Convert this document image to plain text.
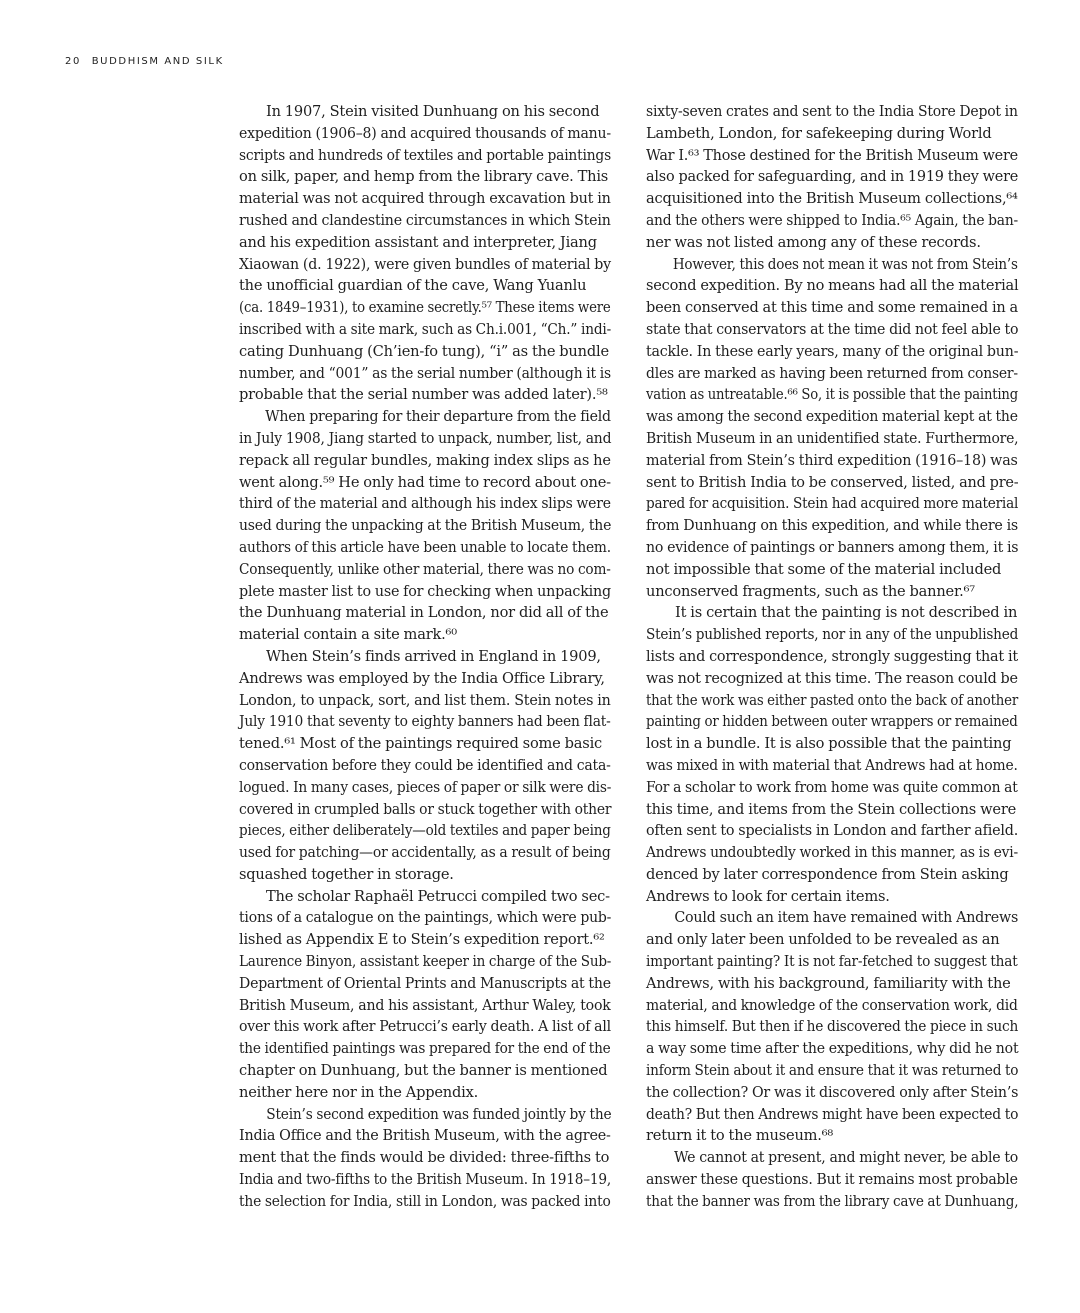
20 BUDDHISM AND SILK
In 1907, Stein visited Dunhuang on his second
expedition (1906–8) and acquired thousands of manu-
scripts and hundreds of textiles and portable paintings
on silk, paper, and hemp from the library cave. This
material was not acquired through excavation but in
rushed and clandestine circumstances in which Stein
and his expedition assistant and interpreter, Jiang
Xiaowan (d. 1922), were given bundles of material by
the unofficial guardian of the cave, Wang Yuanlu
(ca. 1849–1931), to examine secretly.⁵⁷ These items were
inscribed with a site mark, such as Ch.i.001, “Ch.” indi-
cating Dunhuang (Ch’ien-fo tung), “i” as the bundle
number, and “001” as the serial number (although it is
probable that the serial number was added later).⁵⁸
When preparing for their departure from the field
in July 1908, Jiang started to unpack, number, list, and
repack all regular bundles, making index slips as he
went along.⁵⁹ He only had time to record about one-
third of the material and although his index slips were
used during the unpacking at the British Museum, the
authors of this article have been unable to locate them.
Consequently, unlike other material, there was no com-
plete master list to use for checking when unpacking
the Dunhuang material in London, nor did all of the
material contain a site mark.⁶⁰
When Stein’s finds arrived in England in 1909,
Andrews was employed by the India Office Library,
London, to unpack, sort, and list them. Stein notes in
July 1910 that seventy to eighty banners had been flat-
tened.⁶¹ Most of the paintings required some basic
conservation before they could be identified and cata-
logued. In many cases, pieces of paper or silk were dis-
covered in crumpled balls or stuck together with other
pieces, either deliberately—old textiles and paper being
used for patching—or accidentally, as a result of being
squashed together in storage.
The scholar Raphaël Petrucci compiled two sec-
tions of a catalogue on the paintings, which were pub-
lished as Appendix E to Stein’s expedition report.⁶²
Laurence Binyon, assistant keeper in charge of the Sub-
Department of Oriental Prints and Manuscripts at the
British Museum, and his assistant, Arthur Waley, took
over this work after Petrucci’s early death. A list of all
the identified paintings was prepared for the end of the
chapter on Dunhuang, but the banner is mentioned
neither here nor in the Appendix.
Stein’s second expedition was funded jointly by the
India Office and the British Museum, with the agree-
ment that the finds would be divided: three-fifths to
India and two-fifths to the British Museum. In 1918–19,
the selection for India, still in London, was packed into
sixty-seven crates and sent to the India Store Depot in
Lambeth, London, for safekeeping during World
War I.⁶³ Those destined for the British Museum were
also packed for safeguarding, and in 1919 they were
acquisitioned into the British Museum collections,⁶⁴
and the others were shipped to India.⁶⁵ Again, the ban-
ner was not listed among any of these records.
However, this does not mean it was not from Stein’s
second expedition. By no means had all the material
been conserved at this time and some remained in a
state that conservators at the time did not feel able to
tackle. In these early years, many of the original bun-
dles are marked as having been returned from conser-
vation as untreatable.⁶⁶ So, it is possible that the painting
was among the second expedition material kept at the
British Museum in an unidentified state. Furthermore,
material from Stein’s third expedition (1916–18) was
sent to British India to be conserved, listed, and pre-
pared for acquisition. Stein had acquired more material
from Dunhuang on this expedition, and while there is
no evidence of paintings or banners among them, it is
not impossible that some of the material included
unconserved fragments, such as the banner.⁶⁷
It is certain that the painting is not described in
Stein’s published reports, nor in any of the unpublished
lists and correspondence, strongly suggesting that it
was not recognized at this time. The reason could be
that the work was either pasted onto the back of another
painting or hidden between outer wrappers or remained
lost in a bundle. It is also possible that the painting
was mixed in with material that Andrews had at home.
For a scholar to work from home was quite common at
this time, and items from the Stein collections were
often sent to specialists in London and farther afield.
Andrews undoubtedly worked in this manner, as is evi-
denced by later correspondence from Stein asking
Andrews to look for certain items.
Could such an item have remained with Andrews
and only later been unfolded to be revealed as an
important painting? It is not far-fetched to suggest that
Andrews, with his background, familiarity with the
material, and knowledge of the conservation work, did
this himself. But then if he discovered the piece in such
a way some time after the expeditions, why did he not
inform Stein about it and ensure that it was returned to
the collection? Or was it discovered only after Stein’s
death? But then Andrews might have been expected to
return it to the museum.⁶⁸
We cannot at present, and might never, be able to
answer these questions. But it remains most probable
that the banner was from the library cave at Dunhuang,
